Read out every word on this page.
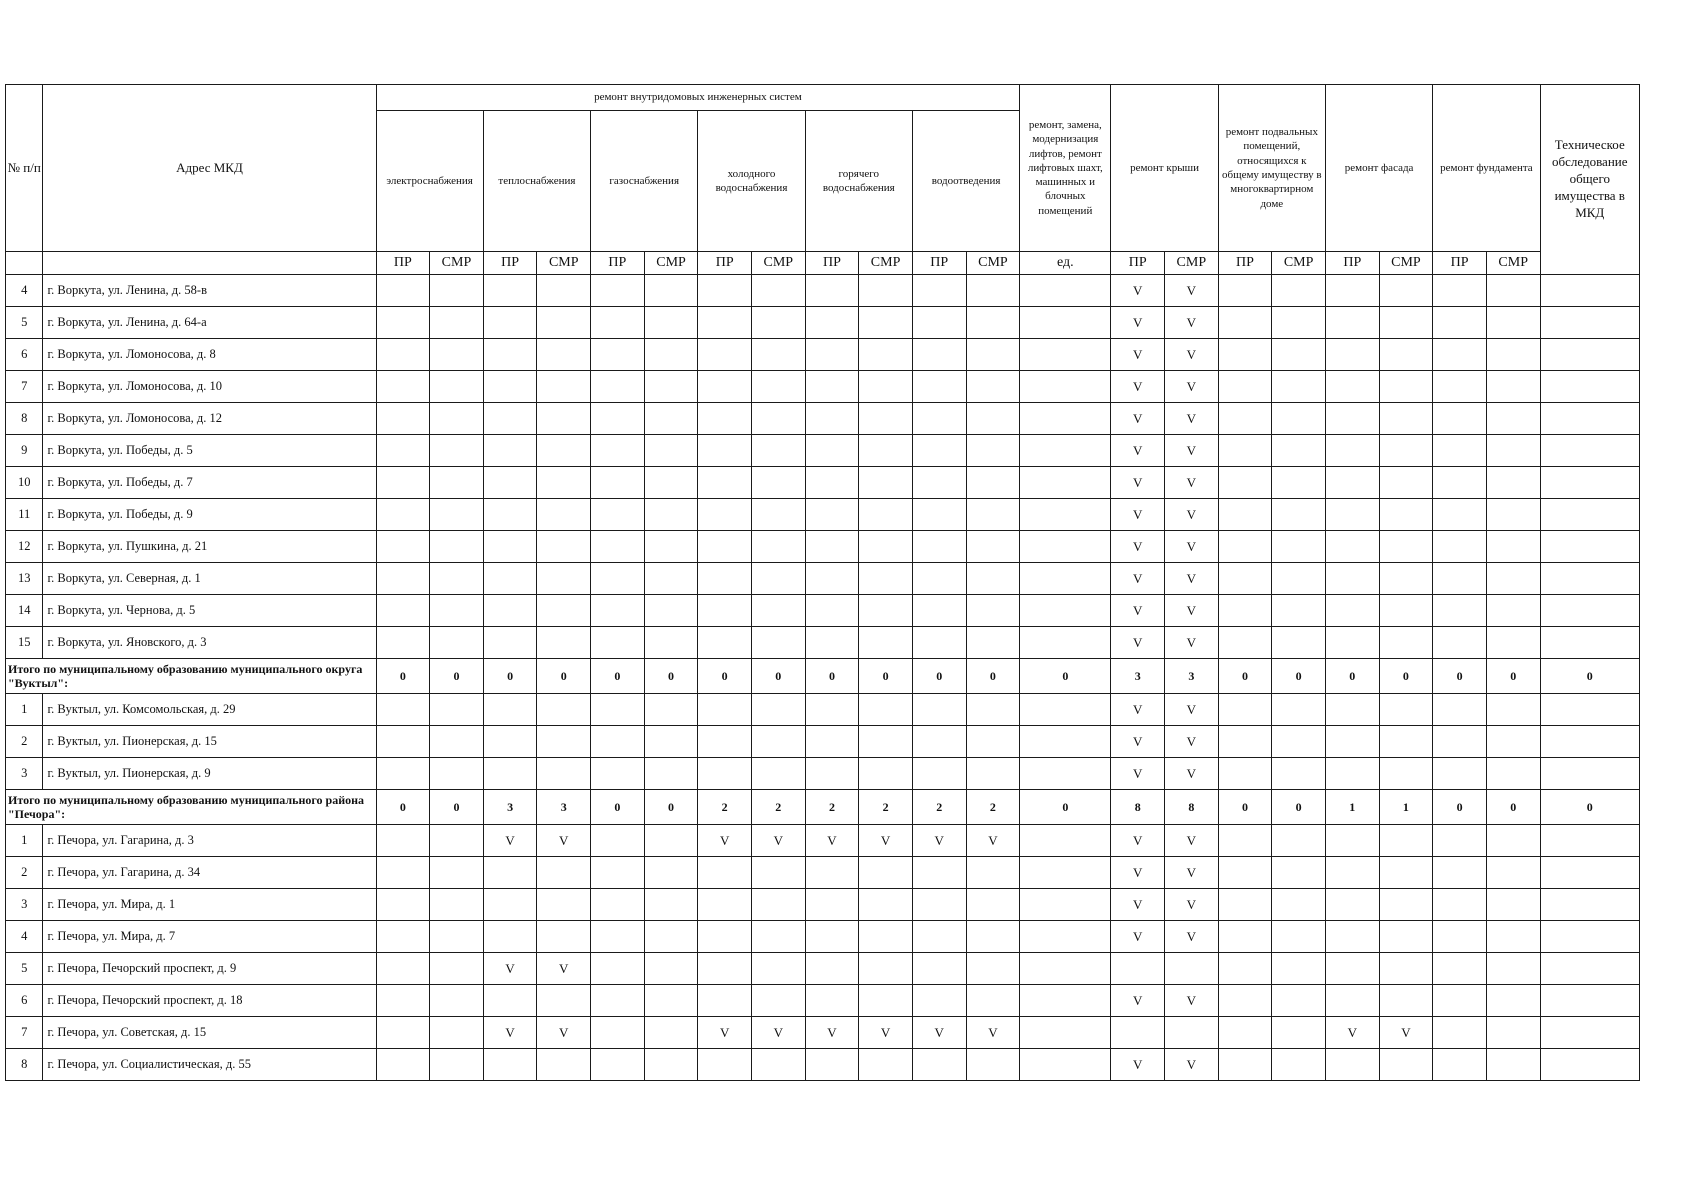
№ п/п	Адрес МКД	ремонт внутридомовых инженерных систем												ремонт, замена, модернизация лифтов, ремонт лифтовых шахт, машинных и блочных помещений	ремонт крыши		ремонт подвальных помещений, относящихся к общему имуществу в многоквартирном доме		ремонт фасада		ремонт фундамента		Техническое обследование общего имущества в МКД
		электроснабжения		теплоснабжения		газоснабжения		холодного водоснабжения		горячего водоснабжения		водоотведения											
		ПР	СМР	ПР	СМР	ПР	СМР	ПР	СМР	ПР	СМР	ПР	СМР	ед.	ПР	СМР	ПР	СМР	ПР	СМР	ПР	СМР	
4	г. Воркута, ул. Ленина, д. 58-в														V	V							
5	г. Воркута, ул. Ленина, д. 64-а														V	V							
6	г. Воркута, ул. Ломоносова, д. 8														V	V							
7	г. Воркута, ул. Ломоносова, д. 10														V	V							
8	г. Воркута, ул. Ломоносова, д. 12														V	V							
9	г. Воркута, ул. Победы, д. 5														V	V							
10	г. Воркута, ул. Победы, д. 7														V	V							
11	г. Воркута, ул. Победы, д. 9														V	V							
12	г. Воркута, ул. Пушкина, д. 21														V	V							
13	г. Воркута, ул. Северная, д. 1														V	V							
14	г. Воркута, ул. Чернова, д. 5														V	V							
15	г. Воркута, ул. Яновского, д. 3														V	V							
Итого по муниципальному образованию муниципального округа "Вуктыл":		0	0	0	0	0	0	0	0	0	0	0	0	0	3	3	0	0	0	0	0	0	0
1	г. Вуктыл, ул. Комсомольская, д. 29														V	V							
2	г. Вуктыл, ул. Пионерская, д. 15														V	V							
3	г. Вуктыл, ул. Пионерская, д. 9														V	V							
Итого по муниципальному образованию муниципального района "Печора":		0	0	3	3	0	0	2	2	2	2	2	2	0	8	8	0	0	1	1	0	0	0
1	г. Печора, ул. Гагарина, д. 3			V	V			V	V	V	V	V	V		V	V							
2	г. Печора, ул. Гагарина, д. 34														V	V							
3	г. Печора, ул. Мира, д. 1														V	V							
4	г. Печора, ул. Мира, д. 7														V	V							
5	г. Печора, Печорский проспект, д. 9			V	V																		
6	г. Печора, Печорский проспект, д. 18														V	V							
7	г. Печора, ул. Советская, д. 15			V	V			V	V	V	V	V	V						V	V			
8	г. Печора, ул. Социалистическая, д. 55														V	V							
